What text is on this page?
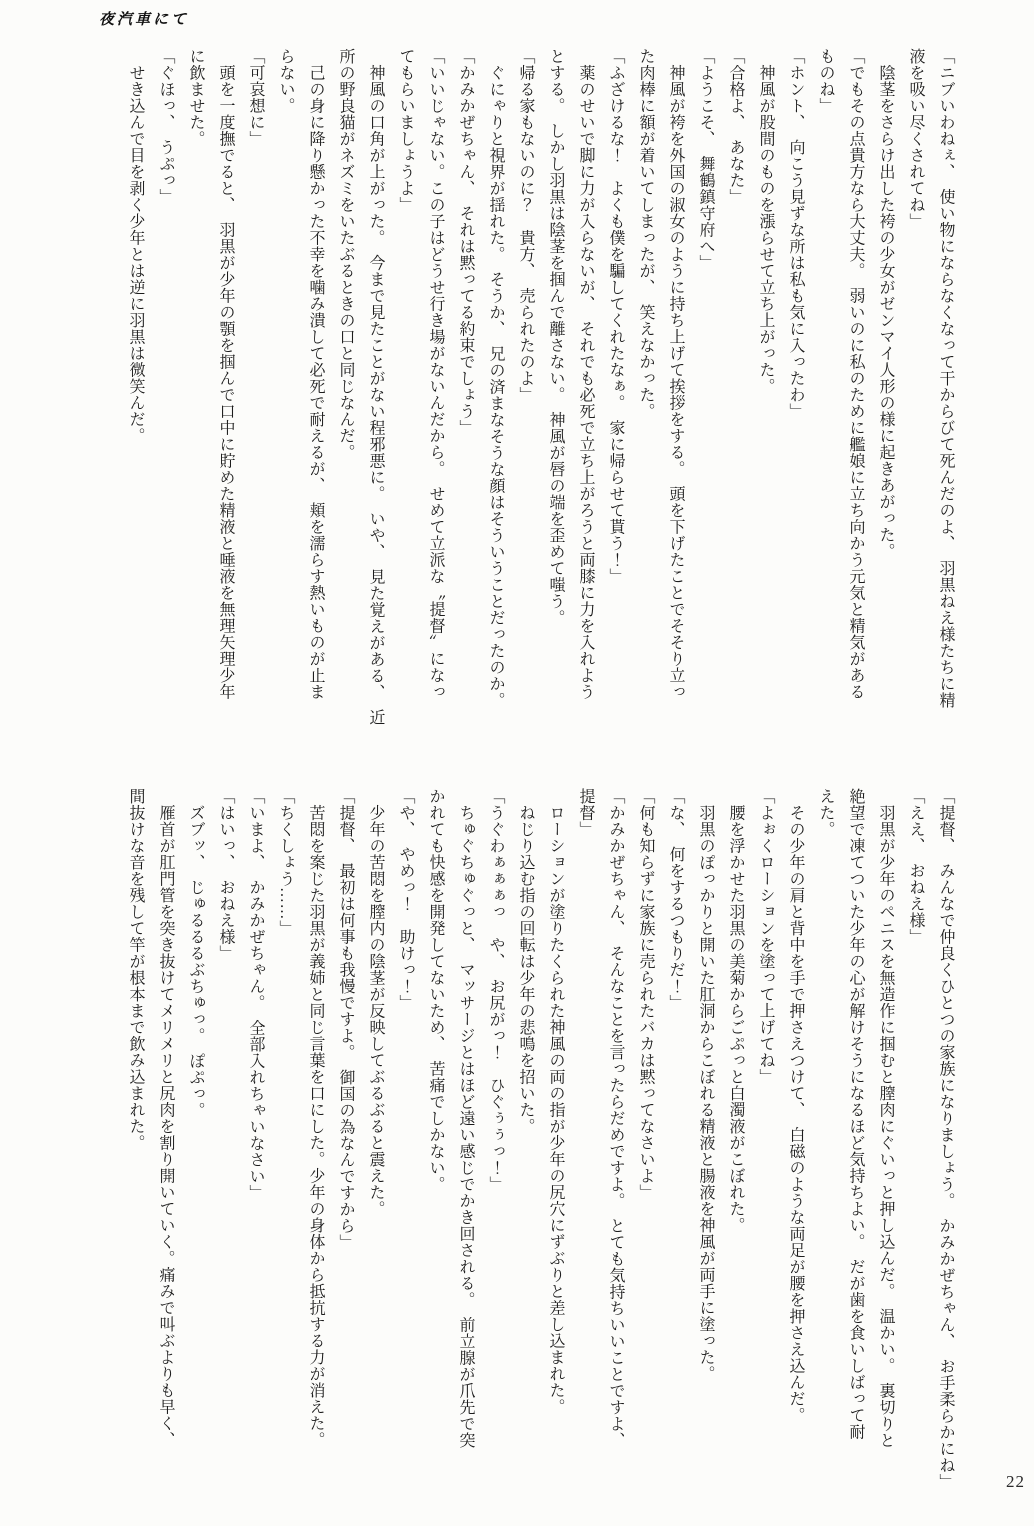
夜汽車にて
「ニブいわねぇ、　使い物にならなくなって干からびて死んだのよ、　羽黒ねえ様たちに精
液を吸い尽くされてね」
　陰茎をさらけ出した袴の少女がゼンマイ人形の様に起きあがった。
「でもその点貴方なら大丈夫。　弱いのに私のために艦娘に立ち向かう元気と精気がある
ものね」
「ホント、　向こう見ずな所は私も気に入ったわ」
　神風が股間のものを漲らせて立ち上がった。
「合格よ、　あなた」
「ようこそ、　舞鶴鎮守府へ」
　神風が袴を外国の淑女のように持ち上げて挨拶をする。　頭を下げたことでそそり立っ
た肉棒に額が着いてしまったが、　笑えなかった。
「ふざけるな！　よくも僕を騙してくれたなぁ。　家に帰らせて貰う！」
　薬のせいで脚に力が入らないが、　それでも必死で立ち上がろうと両膝に力を入れよう
とする。　しかし羽黒は陰茎を掴んで離さない。　神風が唇の端を歪めて嗤う。
「帰る家もないのに？　貴方、　売られたのよ」
　ぐにゃりと視界が揺れた。　そうか、　兄の済まなそうな顔はそういうことだったのか。
「かみかぜちゃん、　それは黙ってる約束でしょう」
「いいじゃない。この子はどうせ行き場がないんだから。　せめて立派な〝提督〟になっ
てもらいましょうよ」
　神風の口角が上がった。　今まで見たことがない程邪悪に。　いや、　見た覚えがある、　近
所の野良猫がネズミをいたぶるときの口と同じなんだ。
　己の身に降り懸かった不幸を噛み潰して必死で耐えるが、　頬を濡らす熱いものが止ま
らない。
「可哀想に」
　頭を一度撫でると、　羽黒が少年の顎を掴んで口中に貯めた精液と唾液を無理矢理少年
に飲ませた。
「ぐほっ、　うぷっ」
　せき込んで目を剥く少年とは逆に羽黒は微笑んだ。
「提督、　みんなで仲良くひとつの家族になりましょう。　かみかぜちゃん、　お手柔らかにね」
「ええ、　おねえ様」
　羽黒が少年のペニスを無造作に掴むと膣肉にぐいっと押し込んだ。　温かい。　裏切りと
絶望で凍てついた少年の心が解けそうになるほど気持ちよい。　だが歯を食いしばって耐
えた。
　その少年の肩と背中を手で押さえつけて、　白磁のような両足が腰を押さえ込んだ。
「よぉくローションを塗って上げてね」
　腰を浮かせた羽黒の美菊からごぷっと白濁液がこぼれた。
　羽黒のぽっかりと開いた肛洞からこぼれる精液と腸液を神風が両手に塗った。
「な、　何をするつもりだ！」
「何も知らずに家族に売られたバカは黙ってなさいよ」
「かみかぜちゃん、　そんなことを言ったらだめですよ。　とても気持ちいいことですよ、
提督」
　ローションが塗りたくられた神風の両の指が少年の尻穴にずぶりと差し込まれた。
　ねじり込む指の回転は少年の悲鳴を招いた。
「うぐわぁぁぁっ　や、　お尻がっ！　ひぐぅぅっ！」
　ちゅぐちゅぐっと、　マッサージとはほど遠い感じでかき回される。　前立腺が爪先で突
かれても快感を開発してないため、　苦痛でしかない。
「や、　やめっ！　助けっ！」
　少年の苦悶を膣内の陰茎が反映してぶるぶると震えた。
「提督、　最初は何事も我慢ですよ。　御国の為なんですから」
　苦悶を案じた羽黒が義姉と同じ言葉を口にした。少年の身体から抵抗する力が消えた。
「ちくしょう……」
「いまよ、　かみかぜちゃん。　全部入れちゃいなさい」
「はいっ、　おねえ様」
　ズブッ、　じゅるるるぶちゅっ。　ぽぷっ。
　雁首が肛門管を突き抜けてメリメリと尻肉を割り開いていく。痛みで叫ぶよりも早く、
間抜けな音を残して竿が根本まで飲み込まれた。
22
